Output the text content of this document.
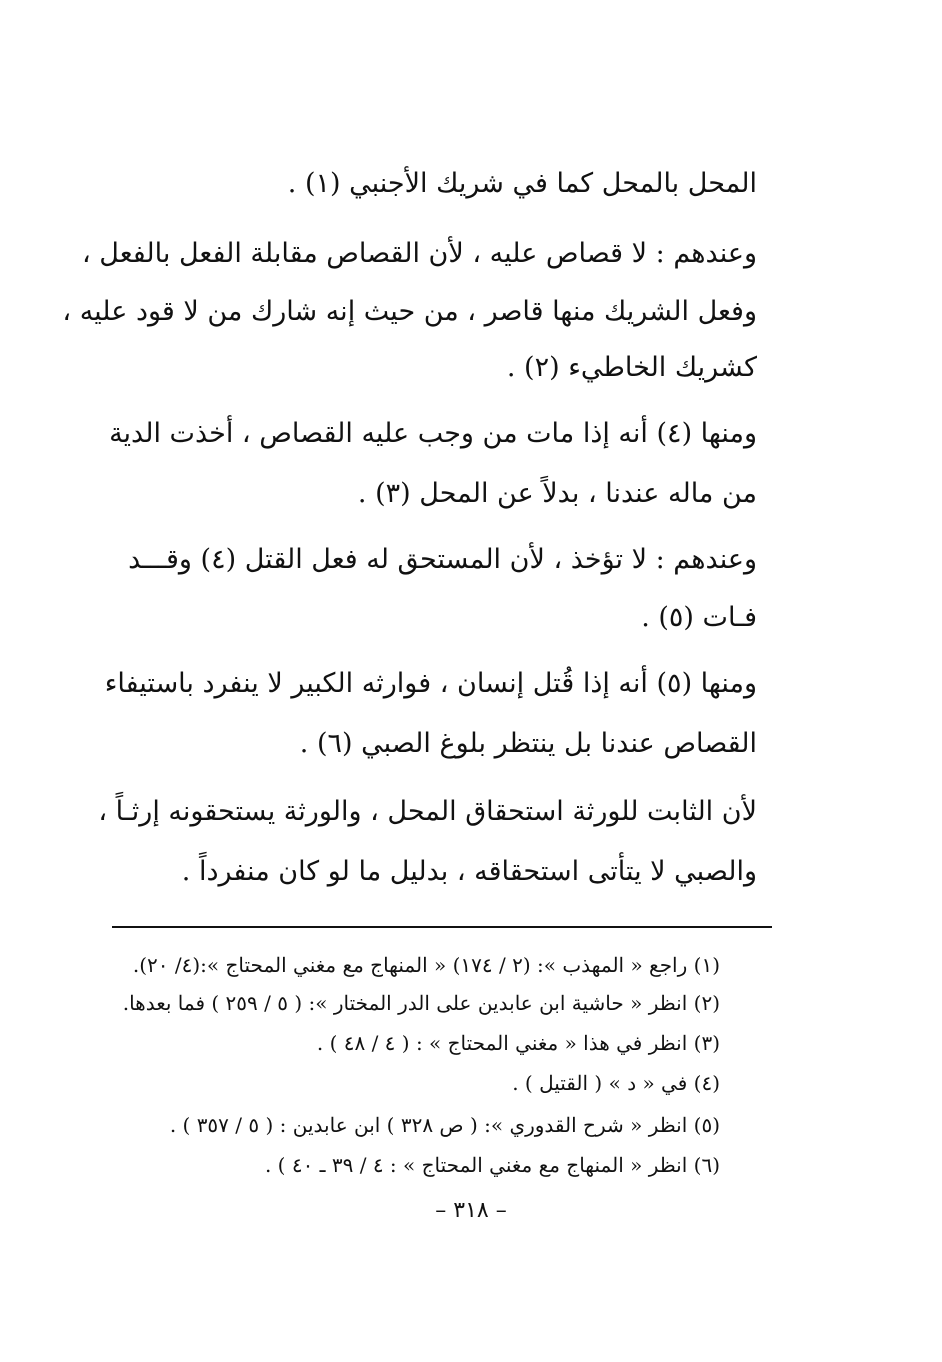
المحل بالمحل كما في شريك الأجنبي (١) .
وعندهم : لا قصاص عليه ، لأن القصاص مقابلة الفعل بالفعل ،
وفعل الشريك منها قاصر ، من حيث إنه شارك من لا قود عليه ،
كشريك الخاطيء (٢) .
ومنها (٤) أنه إذا مات من وجب عليه القصاص ، أخذت الدية
من ماله عندنا ، بدلاً عن المحل (٣) .
وعندهم : لا تؤخذ ، لأن المستحق له فعل القتل (٤) وقـــد
فـات (٥) .
ومنها (٥) أنه إذا قُتل إنسان ، فوارثه الكبير لا ينفرد باستيفاء
القصاص عندنا بل ينتظر بلوغ الصبي (٦) .
لأن الثابت للورثة استحقاق المحل ، والورثة يستحقونه إرثـاً ،
والصبي لا يتأتى استحقاقه ، بدليل ما لو كان منفرداً .
(١) راجع « المهذب »: (٢ / ١٧٤) « المنهاج مع مغني المحتاج »:(٤/ ٢٠).
(٢) انظر « حاشية ابن عابدين على الدر المختار »: ( ٥ / ٢٥٩ ) فما بعدها.
(٣) انظر في هذا « مغني المحتاج » : ( ٤ / ٤٨ ) .
(٤) في « د » ( القتيل ) .
(٥) انظر « شرح القدوري »: ( ص ٣٢٨ ) ابن عابدين : ( ٥ / ٣٥٧ ) .
(٦) انظر « المنهاج مع مغني المحتاج » : ٤ / ٣٩ ـ ٤٠ ) .
– ٣١٨ –
